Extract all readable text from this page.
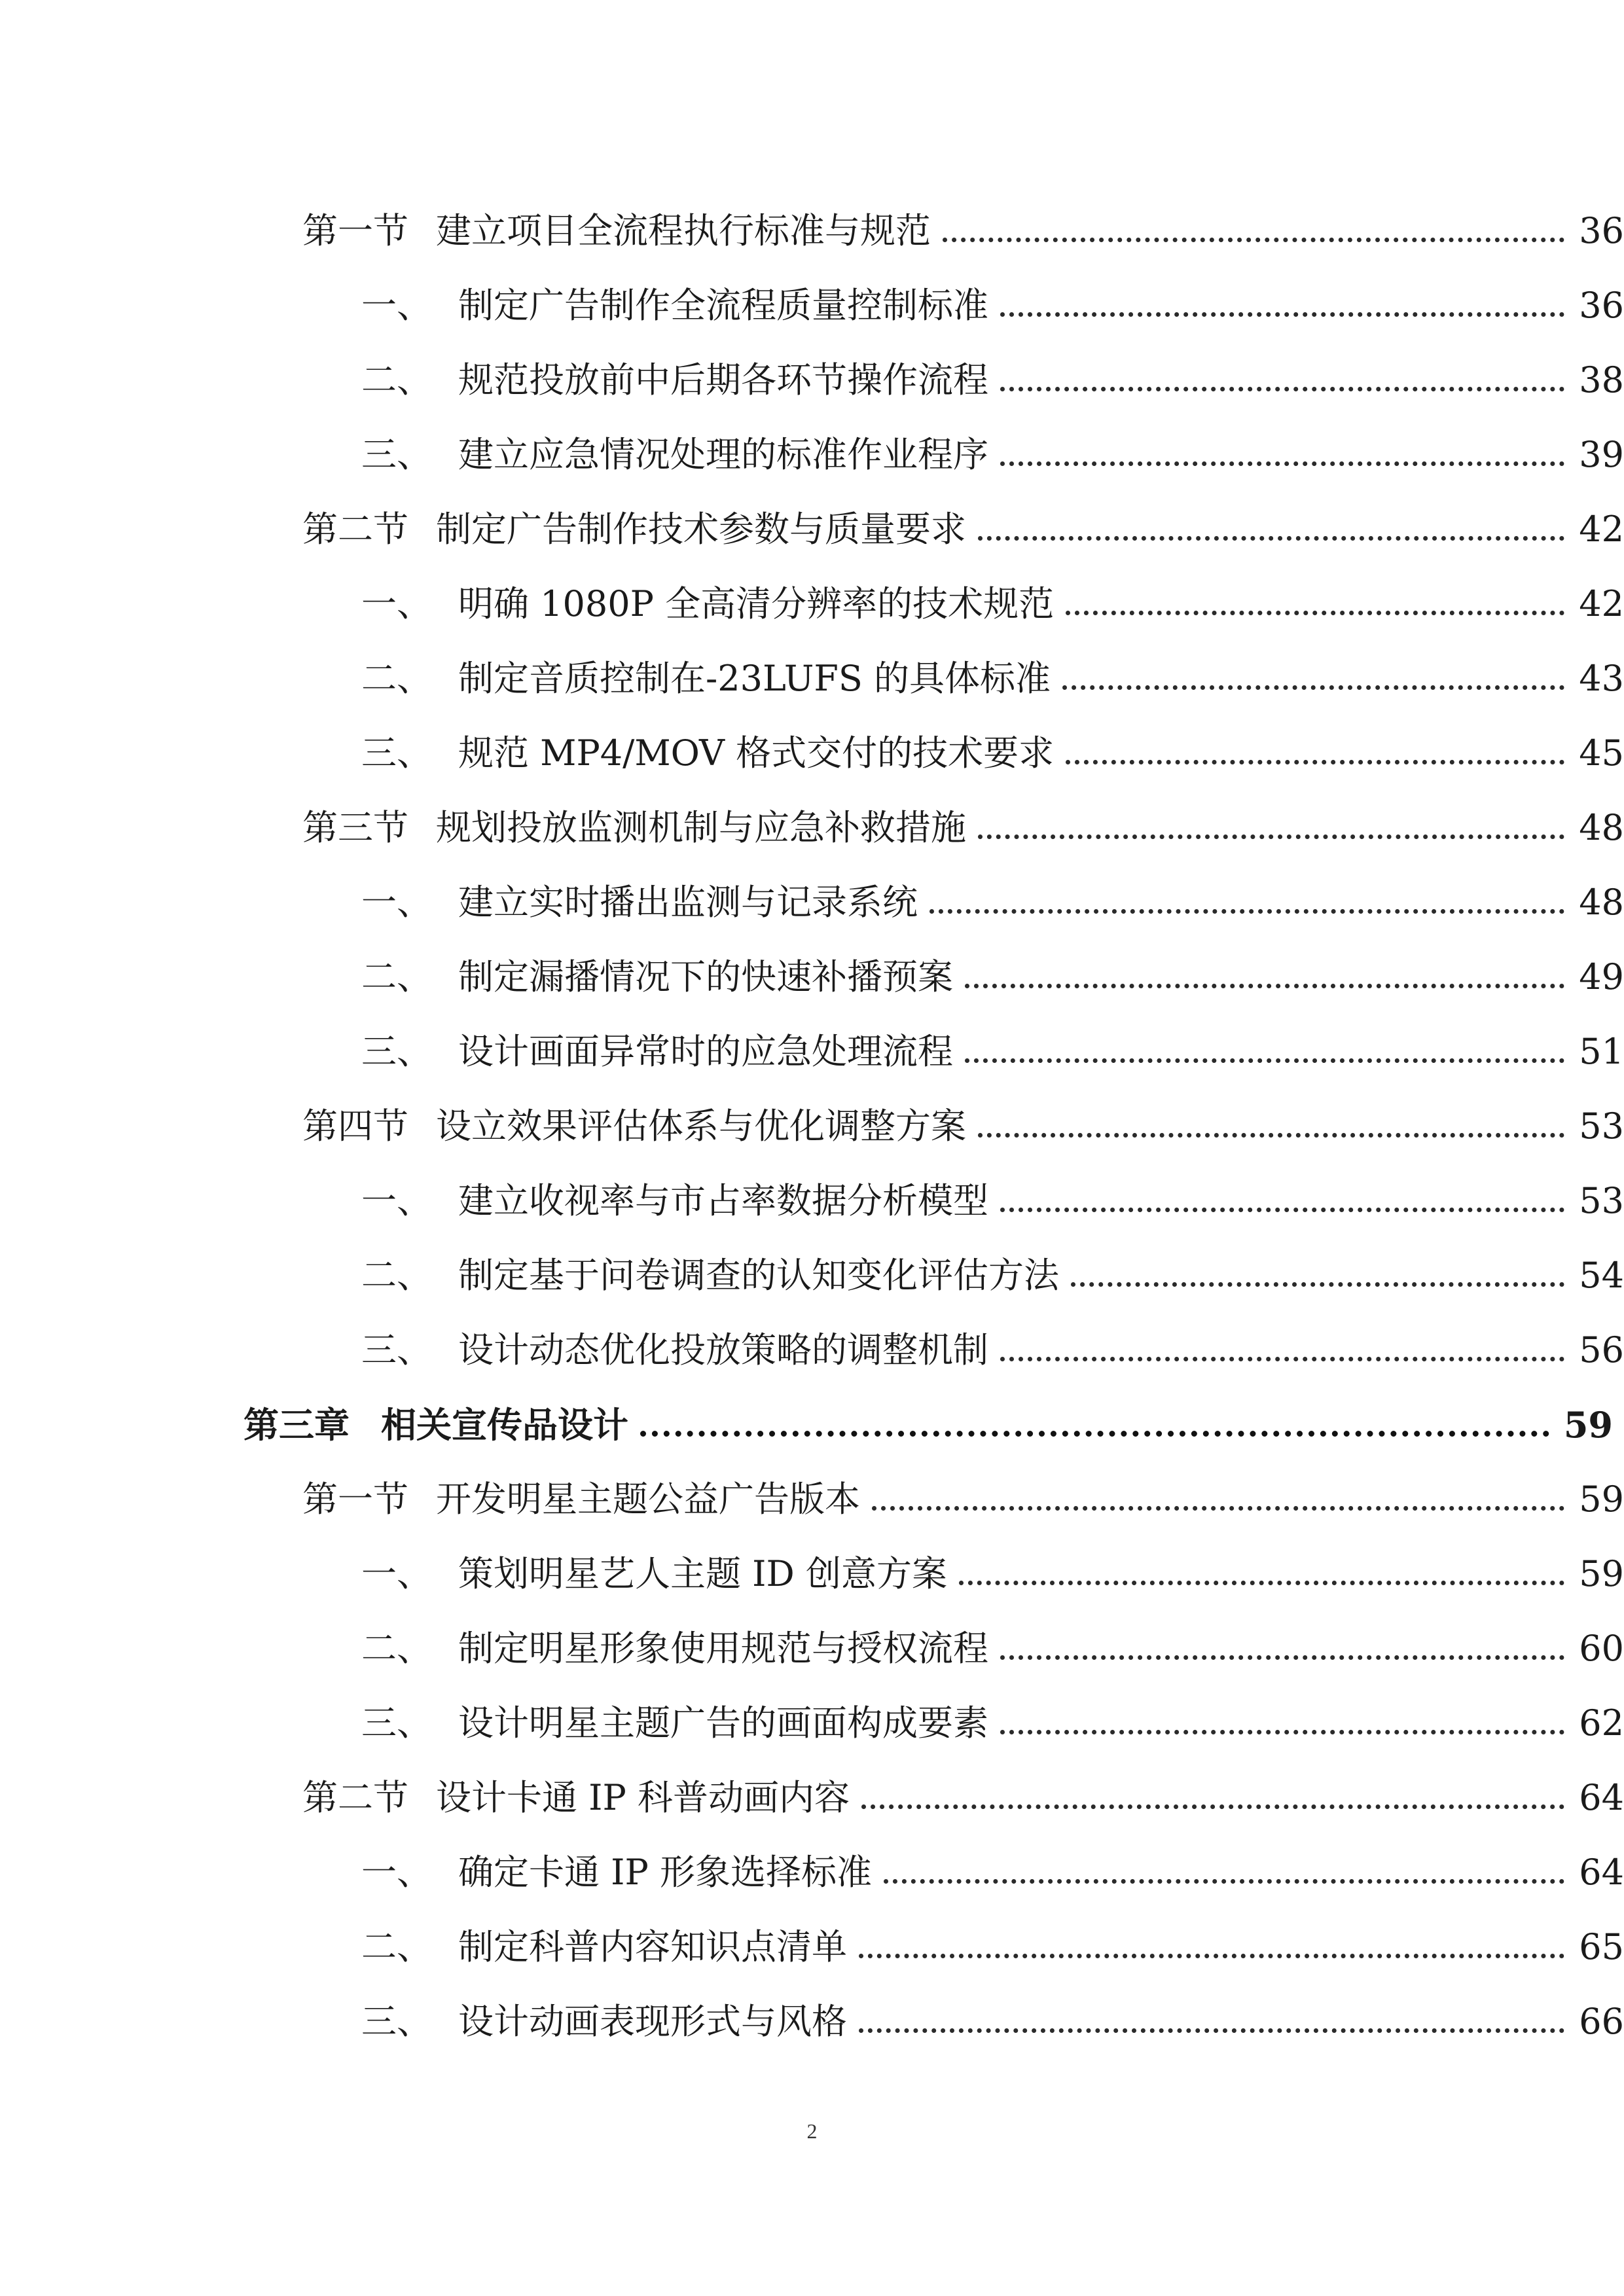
第一节 建立项目全流程执行标准与规范	36
一、 制定广告制作全流程质量控制标准	36
二、 规范投放前中后期各环节操作流程	38
三、 建立应急情况处理的标准作业程序	39
第二节 制定广告制作技术参数与质量要求	42
一、 明确 1080P 全高清分辨率的技术规范	42
二、 制定音质控制在-23LUFS 的具体标准	43
三、 规范 MP4/MOV 格式交付的技术要求	45
第三节 规划投放监测机制与应急补救措施	48
一、 建立实时播出监测与记录系统	48
二、 制定漏播情况下的快速补播预案	49
三、 设计画面异常时的应急处理流程	51
第四节 设立效果评估体系与优化调整方案	53
一、 建立收视率与市占率数据分析模型	53
二、 制定基于问卷调查的认知变化评估方法	54
三、 设计动态优化投放策略的调整机制	56
第三章 相关宣传品设计	59
第一节 开发明星主题公益广告版本	59
一、 策划明星艺人主题 ID 创意方案	59
二、 制定明星形象使用规范与授权流程	60
三、 设计明星主题广告的画面构成要素	62
第二节 设计卡通 IP 科普动画内容	64
一、 确定卡通 IP 形象选择标准	64
二、 制定科普内容知识点清单	65
三、 设计动画表现形式与风格	66
2
